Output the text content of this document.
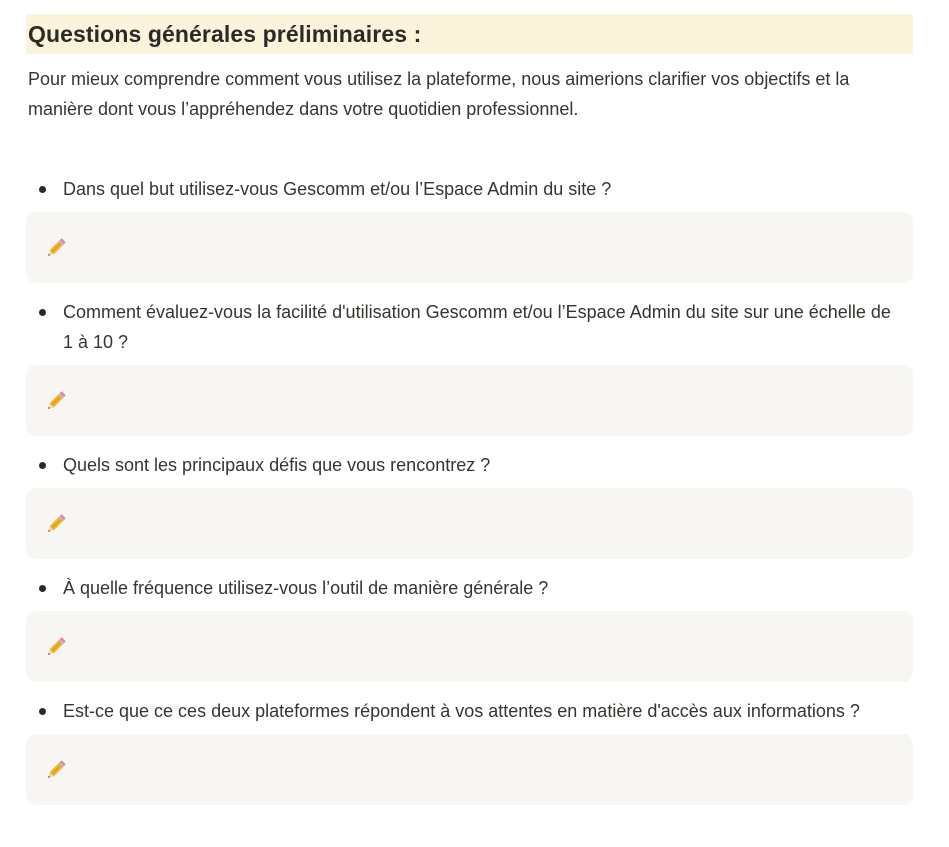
Questions générales préliminaires :

Pour mieux comprendre comment vous utilisez la plateforme, nous aimerions clarifier vos objectifs et la manière dont vous l’appréhendez dans votre quotidien professionnel.

Dans quel but utilisez-vous Gescomm et/ou l’Espace Admin du site ?
Comment évaluez-vous la facilité d'utilisation Gescomm et/ou l’Espace Admin du site sur une échelle de 1 à 10 ?
Quels sont les principaux défis que vous rencontrez ?
À quelle fréquence utilisez-vous l’outil de manière générale ?
Est-ce que ce ces deux plateformes répondent à vos attentes en matière d'accès aux informations ?
